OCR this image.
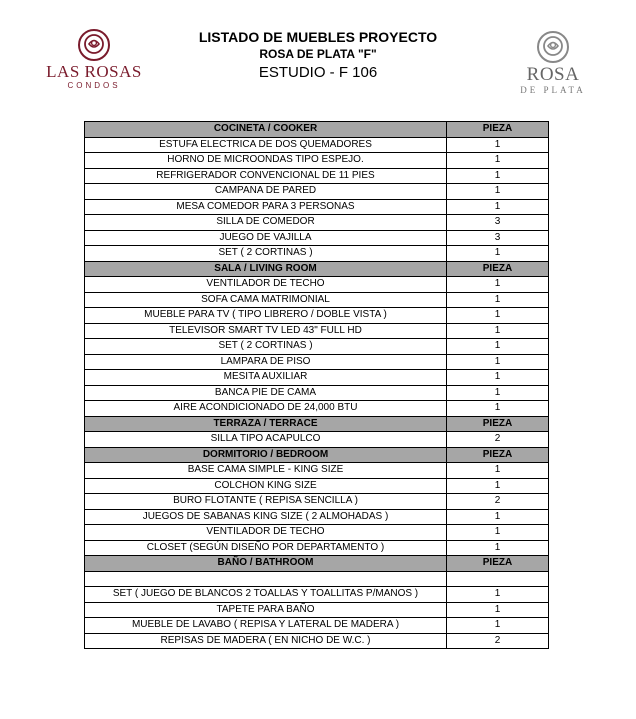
LAS ROSAS
CONDOS
LISTADO DE MUEBLES PROYECTO
ROSA DE PLATA "F"
ESTUDIO - F 106	ROSA
DE PLATA
COCINETA / COOKER	PIEZA
ESTUFA ELECTRICA DE DOS QUEMADORES	1
HORNO DE MICROONDAS TIPO ESPEJO.	1
REFRIGERADOR CONVENCIONAL DE 11 PIES	1
CAMPANA DE PARED	1
MESA COMEDOR PARA 3 PERSONAS	1
SILLA DE COMEDOR	3
JUEGO DE VAJILLA	3
SET ( 2 CORTINAS )	1
SALA / LIVING ROOM	PIEZA
VENTILADOR DE TECHO	1
SOFA CAMA MATRIMONIAL	1
MUEBLE PARA TV ( TIPO LIBRERO / DOBLE VISTA )	1
TELEVISOR SMART TV LED 43" FULL HD	1
SET ( 2 CORTINAS )	1
LAMPARA DE PISO	1
MESITA AUXILIAR	1
BANCA PIE DE CAMA	1
AIRE ACONDICIONADO DE 24,000 BTU	1
TERRAZA / TERRACE	PIEZA
SILLA TIPO ACAPULCO	2
DORMITORIO / BEDROOM	PIEZA
BASE CAMA SIMPLE - KING SIZE	1
COLCHON KING SIZE	1
BURO FLOTANTE ( REPISA SENCILLA )	2
JUEGOS DE SABANAS KING SIZE ( 2 ALMOHADAS )	1
VENTILADOR DE TECHO	1
CLOSET (SEGÚN DISEÑO POR DEPARTAMENTO )	1
BAÑO / BATHROOM	PIEZA

SET ( JUEGO DE BLANCOS 2 TOALLAS Y TOALLITAS P/MANOS )	1
TAPETE PARA BAÑO	1
MUEBLE DE LAVABO ( REPISA Y LATERAL DE MADERA )	1
REPISAS DE MADERA ( EN NICHO DE W.C. )	2
